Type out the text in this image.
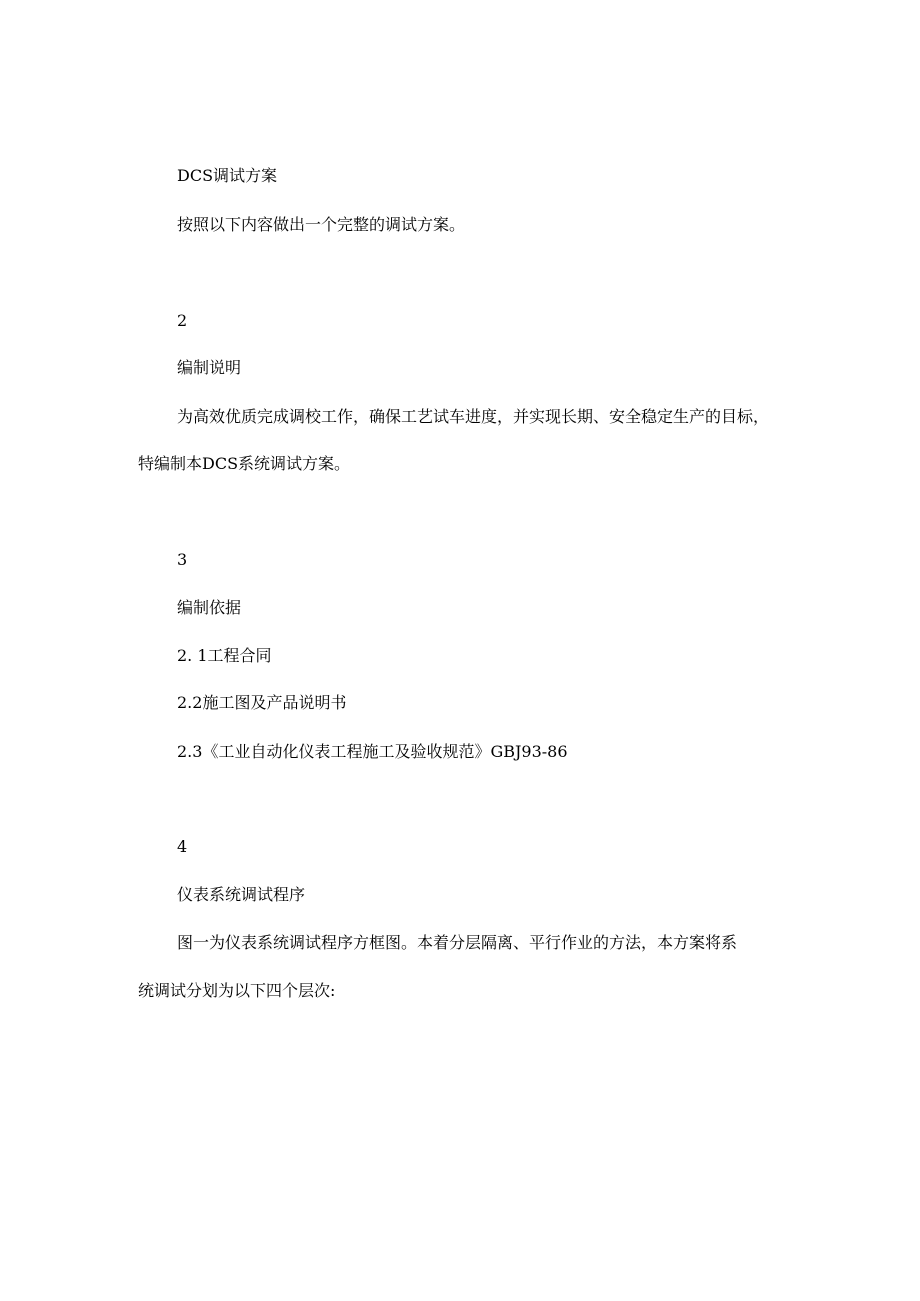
DCS调试方案
按照以下内容做出一个完整的调试方案。
2
编制说明
为高效优质完成调校工作，确保工艺试车进度，并实现长期、安全稳定生产的目标，
特编制本DCS系统调试方案。
3
编制依据
2. 1工程合同
2.2施工图及产品说明书
2.3《工业自动化仪表工程施工及验收规范》GBJ93-86
4
仪表系统调试程序
图一为仪表系统调试程序方框图。本着分层隔离、平行作业的方法，本方案将系
统调试分划为以下四个层次:
